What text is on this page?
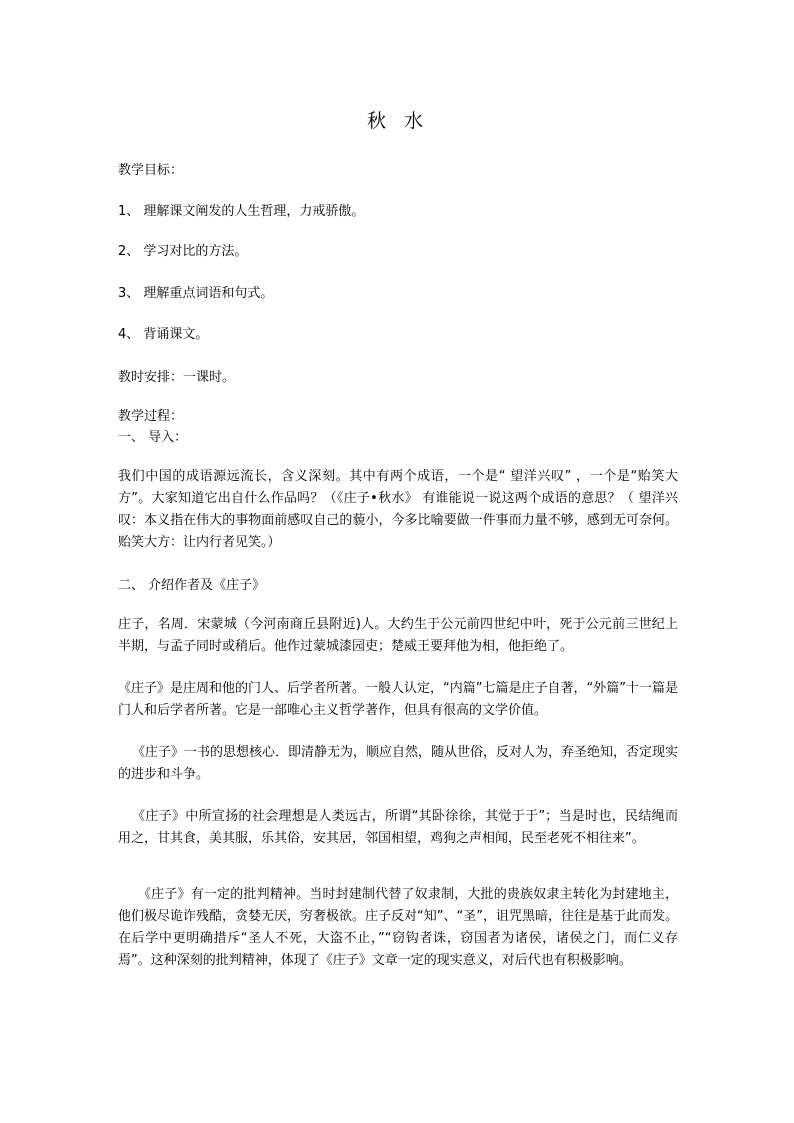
秋 水
教学目标：
1、 理解课文阐发的人生哲理，力戒骄傲。
2、 学习对比的方法。
3、 理解重点词语和句式。
4、 背诵课文。
教时安排：一课时。
教学过程：
一、 导入：
我们中国的成语源远流长，含义深刻。其中有两个成语，一个是“ 望洋兴叹” ，一个是“贻笑大方”。大家知道它出自什么作品吗？（《庄子•秋水》 有谁能说一说这两个成语的意思？（ 望洋兴叹：本义指在伟大的事物面前感叹自己的藐小，今多比喻要做一件事而力量不够，感到无可奈何。 贻笑大方：让内行者见笑。）
二、 介绍作者及《庄子》
庄子，名周．宋蒙城（今河南商丘县附近)人。大约生于公元前四世纪中叶，死于公元前三世纪上半期，与孟子同时或稍后。他作过蒙城漆园吏；楚威王要拜他为相，他拒绝了。
《庄子》是庄周和他的门人、后学者所著。一般人认定，“内篇”七篇是庄子自著，“外篇”十一篇是门人和后学者所著。它是一部唯心主义哲学著作，但具有很高的文学价值。
《庄子》一书的思想核心．即清静无为，顺应自然，随从世俗，反对人为，弃圣绝知，否定现实的进步和斗争。
《庄子》中所宣扬的社会理想是人类远古，所谓“其卧徐徐，其觉于于”；当是时也，民结绳而用之，甘其食，美其服，乐其俗，安其居，邻国相望，鸡狗之声相闻，民至老死不相往来”。
《庄子》有一定的批判精神。当时封建制代替了奴隶制，大批的贵族奴隶主转化为封建地主，他们极尽诡诈残酷，贪婪无厌，穷奢极欲。庄子反对“知”、“圣”，诅咒黑暗，往往是基于此而发。在后学中更明确措斥“圣人不死，大盗不止，”“窃钩者诛，窃国者为诸侯，诸侯之门，而仁义存焉”。这种深刻的批判精神，体现了《庄子》文章一定的现实意义，对后代也有积极影响。
